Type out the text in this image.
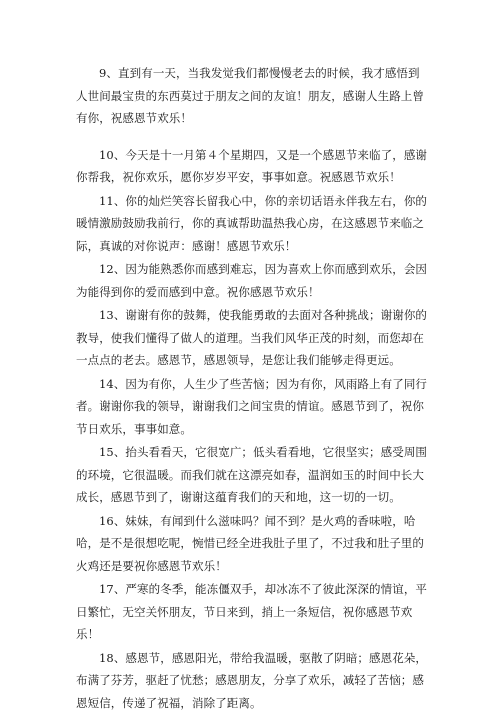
9、直到有一天，当我发觉我们都慢慢老去的时候，我才感悟到人世间最宝贵的东西莫过于朋友之间的友谊！朋友，感谢人生路上曾有你，祝感恩节欢乐！

10、今天是十一月第４个星期四，又是一个感恩节来临了，感谢你帮我，祝你欢乐，愿你岁岁平安，事事如意。祝感恩节欢乐！

11、你的灿烂笑容长留我心中，你的亲切话语永伴我左右，你的暖情激励鼓励我前行，你的真诚帮助温热我心房，在这感恩节来临之际，真诚的对你说声：感谢！感恩节欢乐！

12、因为能熟悉你而感到难忘，因为喜欢上你而感到欢乐，会因为能得到你的爱而感到中意。祝你感恩节欢乐！

13、谢谢有你的鼓舞，使我能勇敢的去面对各种挑战；谢谢你的教导，使我们懂得了做人的道理。当我们风华正茂的时刻，而您却在一点点的老去。感恩节，感恩领导，是您让我们能够走得更远。

14、因为有你，人生少了些苦恼；因为有你，风雨路上有了同行者。谢谢你我的领导，谢谢我们之间宝贵的情谊。感恩节到了，祝你节日欢乐，事事如意。

15、抬头看看天，它很宽广；低头看看地，它很坚实；感受周围的环境，它很温暖。而我们就在这漂亮如春，温润如玉的时间中长大成长，感恩节到了，谢谢这蕴育我们的天和地，这一切的一切。

16、妹妹，有闻到什么滋味吗？闻不到？是火鸡的香味啦，哈哈，是不是很想吃呢，惋惜已经全进我肚子里了，不过我和肚子里的火鸡还是要祝你感恩节欢乐！

17、严寒的冬季，能冻僵双手，却冰冻不了彼此深深的情谊，平日繁忙，无空关怀朋友，节日来到，捎上一条短信，祝你感恩节欢乐！

18、感恩节，感恩阳光，带给我温暖，驱散了阴暗；感恩花朵，布满了芬芳，驱赶了忧愁；感恩朋友，分享了欢乐，减轻了苦恼；感恩短信，传递了祝福，消除了距离。
